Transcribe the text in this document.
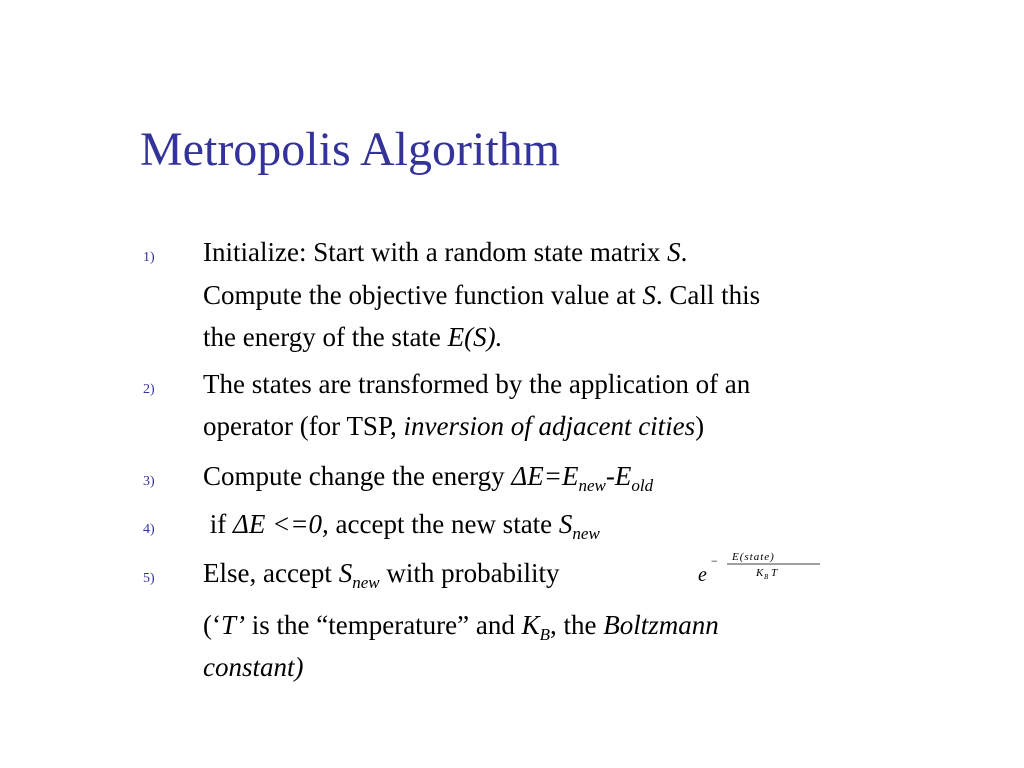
Metropolis Algorithm
1) Initialize: Start with a random state matrix S.
Compute the objective function value at S. Call this
the energy of the state E(S).
2) The states are transformed by the application of an
operator (for TSP, inversion of adjacent cities)
3) Compute change the energy $\Delta E=E_{new}-E_{old}$
4) if ΔE <=0, accept the new state $S_{new}$
5) Else, accept $S_{new}$ with probability	e
− E(state)
K B T
(‘T’ is the “temperature” and $K_B$, the Boltzmann
constant)
